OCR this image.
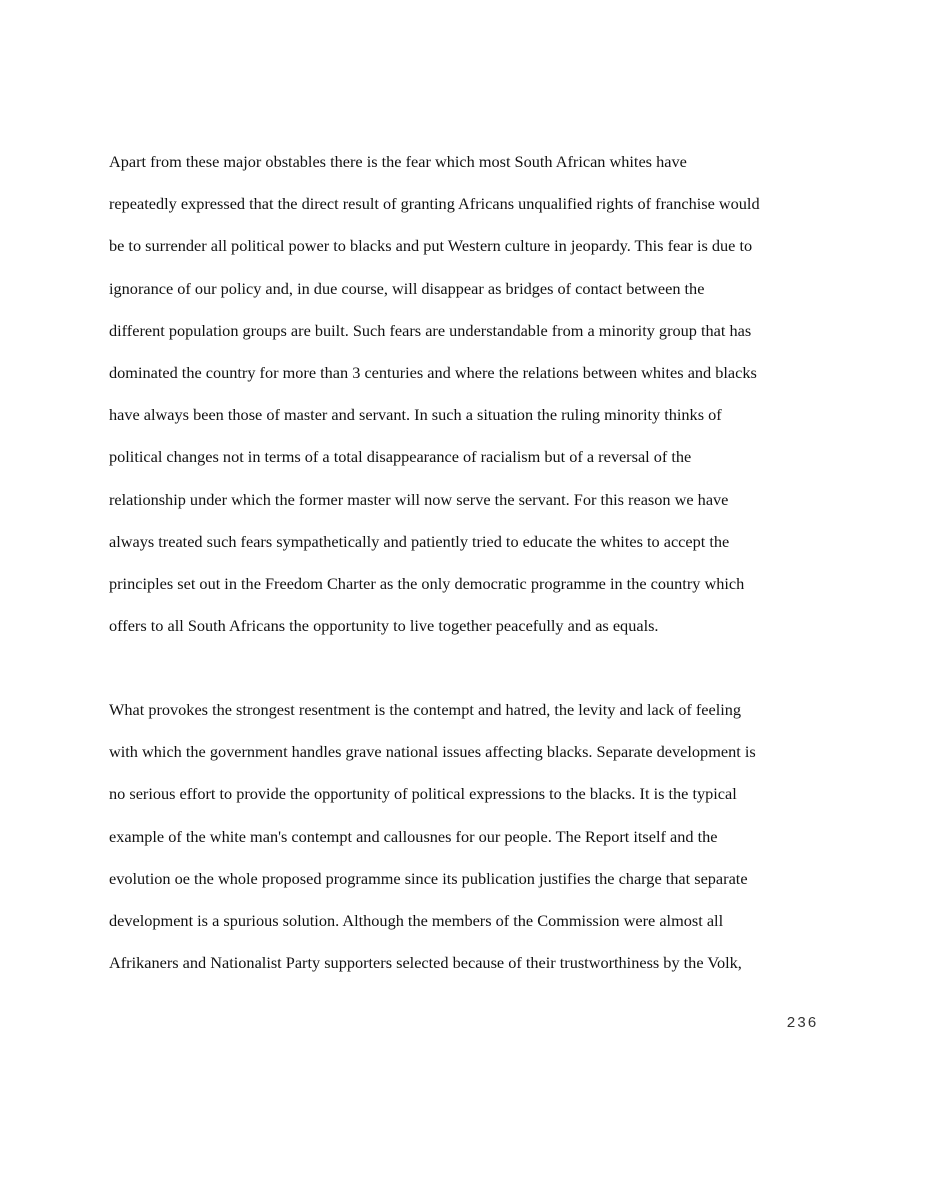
Apart from these major obstables there is the fear which most South African whites have
repeatedly expressed that the direct result of granting Africans unqualified rights of franchise would
be to surrender all political power to blacks and put Western culture in jeopardy. This fear is due to
ignorance of our policy and, in due course, will disappear as bridges of contact between the
different population groups are built. Such fears are understandable from a minority group that has
dominated the country for more than 3 centuries and where the relations between whites and blacks
have always been those of master and servant. In such a situation the ruling minority thinks of
political changes not in terms of a total disappearance of racialism but of a reversal of the
relationship under which the former master will now serve the servant. For this reason we have
always treated such fears sympathetically and patiently tried to educate the whites to accept the
principles set out in the Freedom Charter as the only democratic programme in the country which
offers to all South Africans the opportunity to live together peacefully and as equals.
What provokes the strongest resentment is the contempt and hatred, the levity and lack of feeling
with which the government handles grave national issues affecting blacks. Separate development is
no serious effort to provide the opportunity of political expressions to the blacks. It is the typical
example of the white man's contempt and callousnes for our people. The Report itself and the
evolution oe the whole proposed programme since its publication justifies the charge that separate
development is a spurious solution. Although the members of the Commission were almost all
Afrikaners and Nationalist Party supporters selected because of their trustworthiness by the Volk,
236
